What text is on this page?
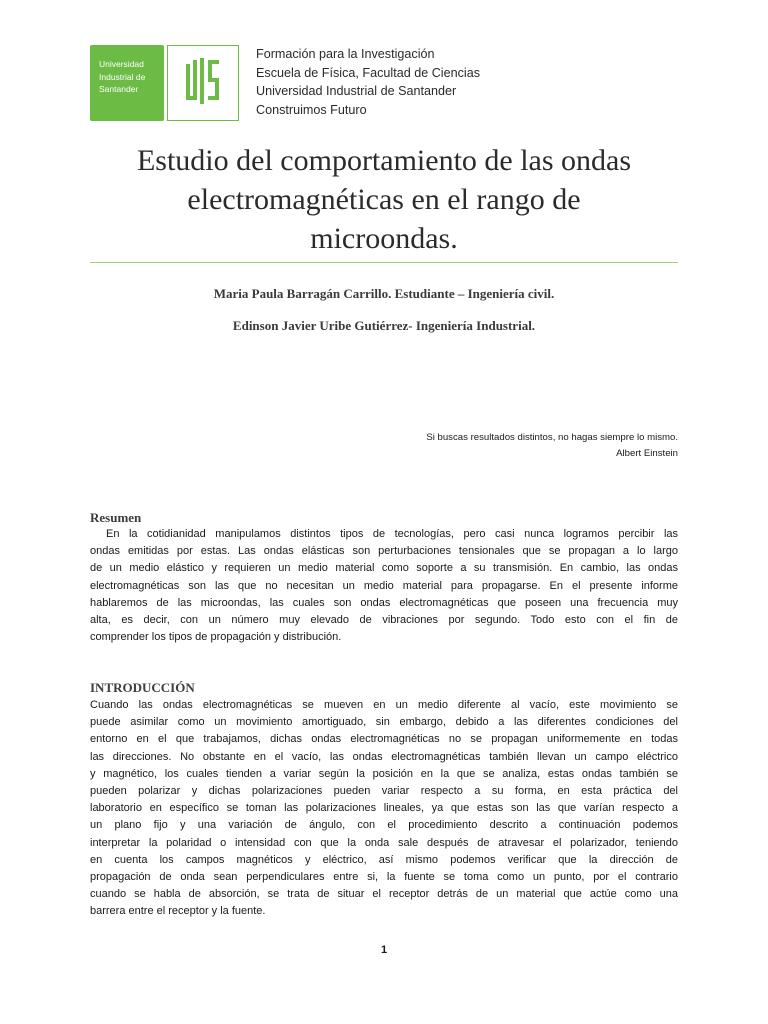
Universidad
Industrial de
Santander
Formación para la Investigación
Escuela de Física, Facultad de Ciencias
Universidad Industrial de Santander
Construimos Futuro
Estudio del comportamiento de las ondas
electromagnéticas en el rango de
microondas.
Maria Paula Barragán Carrillo. Estudiante – Ingeniería civil.
Edinson Javier Uribe Gutiérrez- Ingeniería Industrial.
Si buscas resultados distintos, no hagas siempre lo mismo.
Albert Einstein
Resumen
En la cotidianidad manipulamos distintos tipos de tecnologías, pero casi nunca logramos percibir las
ondas emitidas por estas. Las ondas elásticas son perturbaciones tensionales que se propagan a lo largo
de un medio elástico y requieren un medio material como soporte a su transmisión. En cambio, las ondas
electromagnéticas son las que no necesitan un medio material para propagarse. En el presente informe
hablaremos de las microondas, las cuales son ondas electromagnéticas que poseen una frecuencia muy
alta, es decir, con un número muy elevado de vibraciones por segundo. Todo esto con el fin de
comprender los tipos de propagación y distribución.
INTRODUCCIÓN
Cuando las ondas electromagnéticas se mueven en un medio diferente al vacío, este movimiento se
puede asimilar como un movimiento amortiguado, sin embargo, debido a las diferentes condiciones del
entorno en el que trabajamos, dichas ondas electromagnéticas no se propagan uniformemente en todas
las direcciones. No obstante en el vacío, las ondas electromagnéticas también llevan un campo eléctrico
y magnético, los cuales tienden a variar según la posición en la que se analiza, estas ondas también se
pueden polarizar y dichas polarizaciones pueden variar respecto a su forma, en esta práctica del
laboratorio en específico se toman las polarizaciones lineales, ya que estas son las que varían respecto a
un plano fijo y una variación de ángulo, con el procedimiento descrito a continuación podemos
interpretar la polaridad o intensidad con que la onda sale después de atravesar el polarizador, teniendo
en cuenta los campos magnéticos y eléctrico, así mismo podemos verificar que la dirección de
propagación de onda sean perpendiculares entre si, la fuente se toma como un punto, por el contrario
cuando se habla de absorción, se trata de situar el receptor detrás de un material que actúe como una
barrera entre el receptor y la fuente.
1
